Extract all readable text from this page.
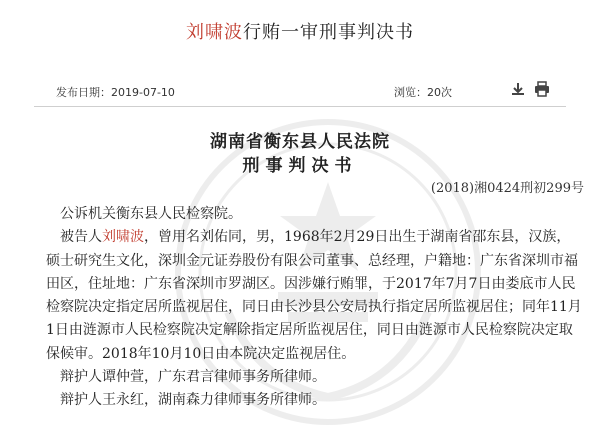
刘啸波行贿一审刑事判决书
发布日期：2019-07-10	浏览：20次
湖南省衡东县人民法院
刑事判决书
(2018)湘0424刑初299号

公诉机关衡东县人民检察院。

被告人刘啸波，曾用名刘佑同，男，1968年2月29日出生于湖南省邵东县，汉族，硕士研究生文化，深圳金元证券股份有限公司董事、总经理，户籍地：广东省深圳市福田区，住址地：广东省深圳市罗湖区。因涉嫌行贿罪，于2017年7月7日由娄底市人民检察院决定指定居所监视居住，同日由长沙县公安局执行指定居所监视居住；同年11月1日由涟源市人民检察院决定解除指定居所监视居住，同日由涟源市人民检察院决定取保候审。2018年10月10日由本院决定监视居住。

辩护人谭仲萱，广东君言律师事务所律师。

辩护人王永红，湖南森力律师事务所律师。
